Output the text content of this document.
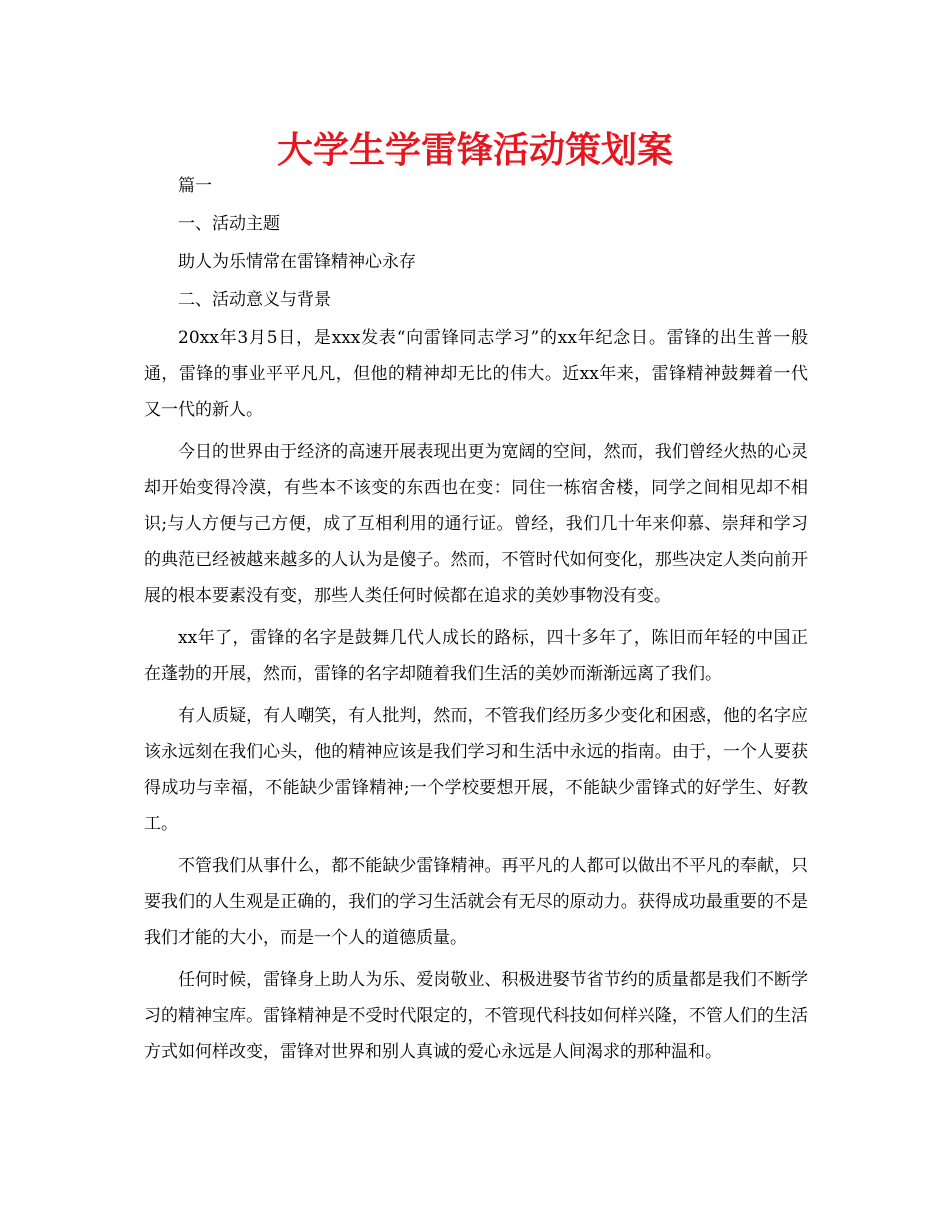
大学生学雷锋活动策划案

篇一

一、活动主题

助人为乐情常在雷锋精神心永存

二、活动意义与背景

20xx年3月5日，是xxx发表“向雷锋同志学习”的xx年纪念日。雷锋的出生普一般通，雷锋的事业平平凡凡，但他的精神却无比的伟大。近xx年来，雷锋精神鼓舞着一代又一代的新人。

今日的世界由于经济的高速开展表现出更为宽阔的空间，然而，我们曾经火热的心灵却开始变得冷漠，有些本不该变的东西也在变：同住一栋宿舍楼，同学之间相见却不相识;与人方便与己方便，成了互相利用的通行证。曾经，我们几十年来仰慕、崇拜和学习的典范已经被越来越多的人认为是傻子。然而，不管时代如何变化，那些决定人类向前开展的根本要素没有变，那些人类任何时候都在追求的美妙事物没有变。

xx年了，雷锋的名字是鼓舞几代人成长的路标，四十多年了，陈旧而年轻的中国正在蓬勃的开展，然而，雷锋的名字却随着我们生活的美妙而渐渐远离了我们。

有人质疑，有人嘲笑，有人批判，然而，不管我们经历多少变化和困惑，他的名字应该永远刻在我们心头，他的精神应该是我们学习和生活中永远的指南。由于，一个人要获得成功与幸福，不能缺少雷锋精神;一个学校要想开展，不能缺少雷锋式的好学生、好教工。

不管我们从事什么，都不能缺少雷锋精神。再平凡的人都可以做出不平凡的奉献，只要我们的人生观是正确的，我们的学习生活就会有无尽的原动力。获得成功最重要的不是我们才能的大小，而是一个人的道德质量。

任何时候，雷锋身上助人为乐、爱岗敬业、积极进娶节省节约的质量都是我们不断学习的精神宝库。雷锋精神是不受时代限定的，不管现代科技如何样兴隆，不管人们的生活方式如何样改变，雷锋对世界和别人真诚的爱心永远是人间渴求的那种温和。
